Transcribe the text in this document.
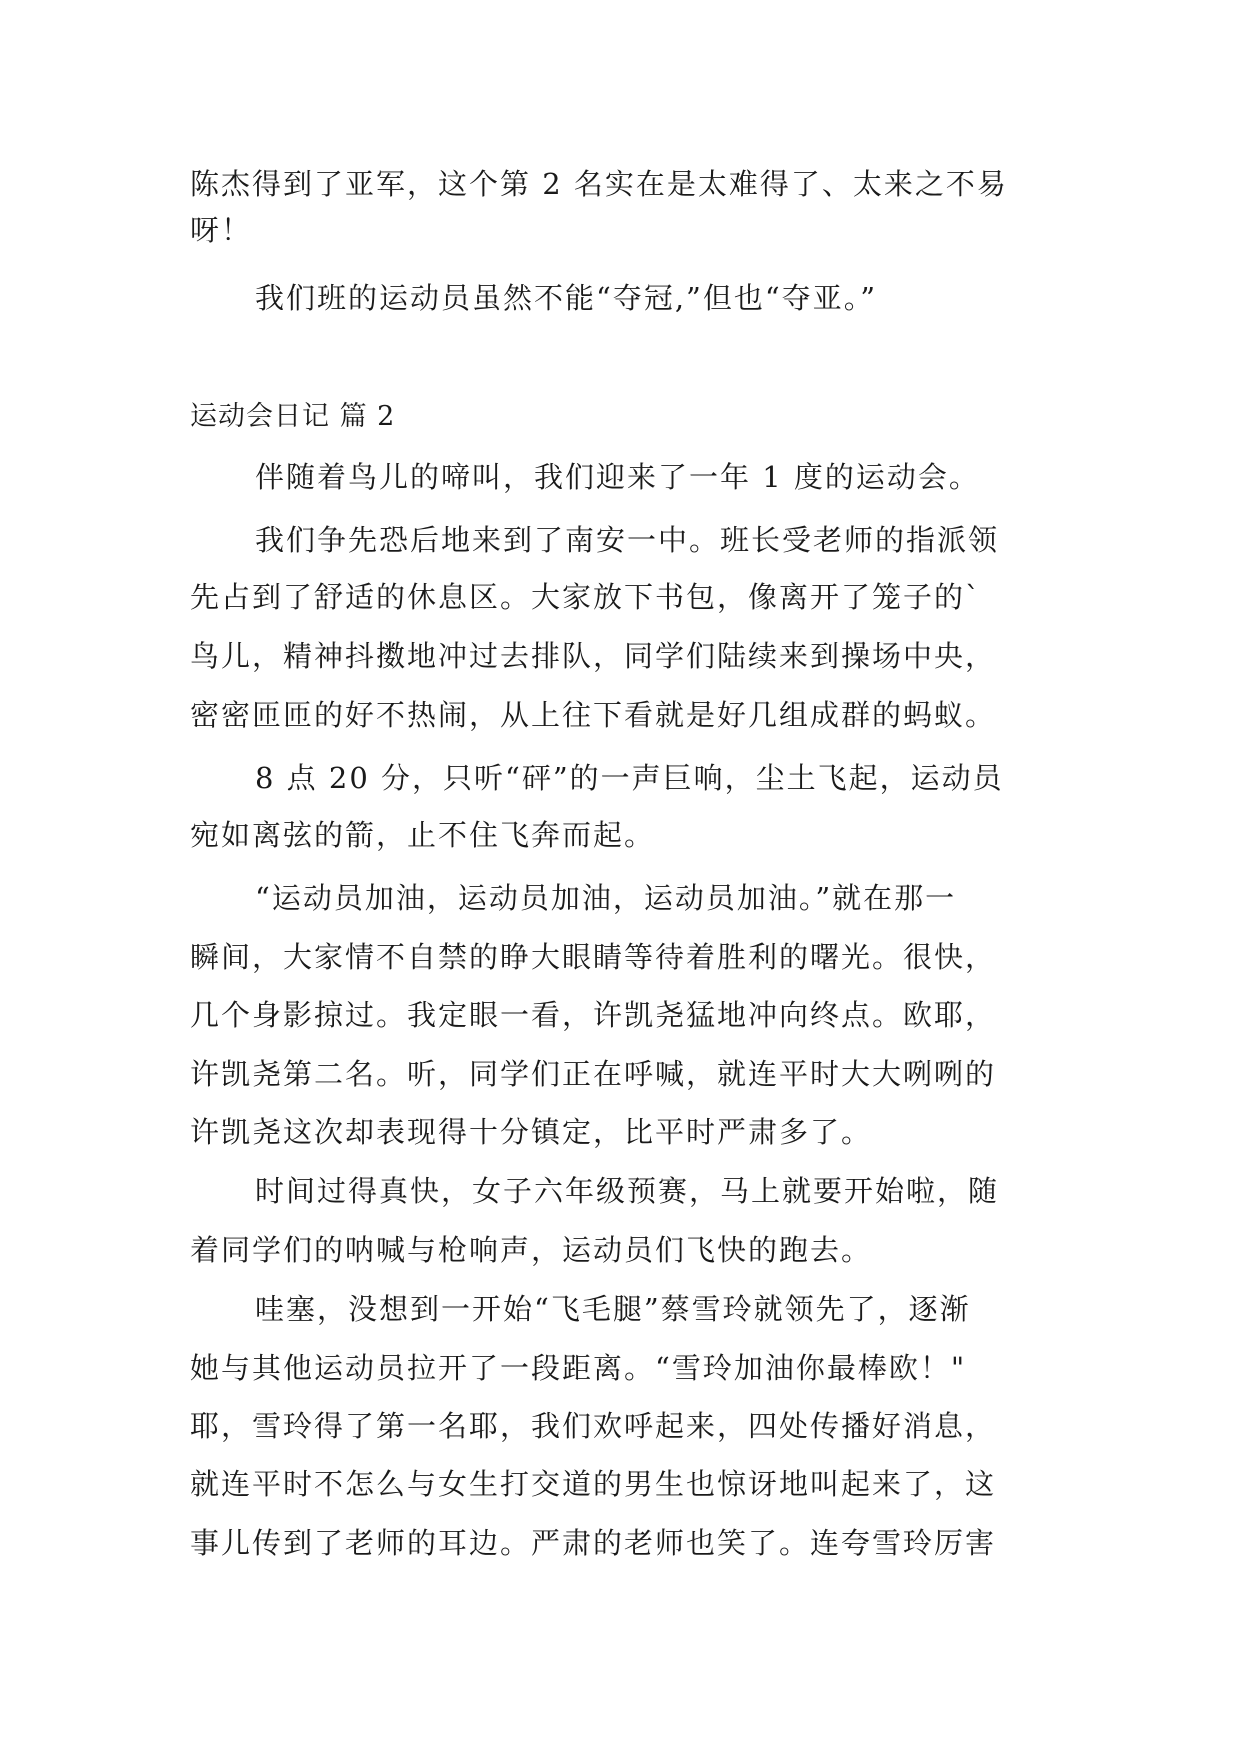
陈杰得到了亚军，这个第 2 名实在是太难得了、太来之不易
呀！
我们班的运动员虽然不能“夺冠,”但也“夺亚。”
运动会日记 篇 2
伴随着鸟儿的啼叫，我们迎来了一年 1 度的运动会。
我们争先恐后地来到了南安一中。班长受老师的指派领
先占到了舒适的休息区。大家放下书包，像离开了笼子的`
鸟儿，精神抖擞地冲过去排队，同学们陆续来到操场中央，
密密匝匝的好不热闹，从上往下看就是好几组成群的蚂蚁。
8 点 20 分，只听“砰”的一声巨响，尘土飞起，运动员
宛如离弦的箭，止不住飞奔而起。
“运动员加油，运动员加油，运动员加油。”就在那一
瞬间，大家情不自禁的睁大眼睛等待着胜利的曙光。很快，
几个身影掠过。我定眼一看，许凯尧猛地冲向终点。欧耶，
许凯尧第二名。听，同学们正在呼喊，就连平时大大咧咧的
许凯尧这次却表现得十分镇定，比平时严肃多了。
时间过得真快，女子六年级预赛，马上就要开始啦，随
着同学们的呐喊与枪响声，运动员们飞快的跑去。
哇塞，没想到一开始“飞毛腿”蔡雪玲就领先了，逐渐
她与其他运动员拉开了一段距离。“雪玲加油你最棒欧！"
耶，雪玲得了第一名耶，我们欢呼起来，四处传播好消息，
就连平时不怎么与女生打交道的男生也惊讶地叫起来了，这
事儿传到了老师的耳边。严肃的老师也笑了。连夸雪玲厉害
